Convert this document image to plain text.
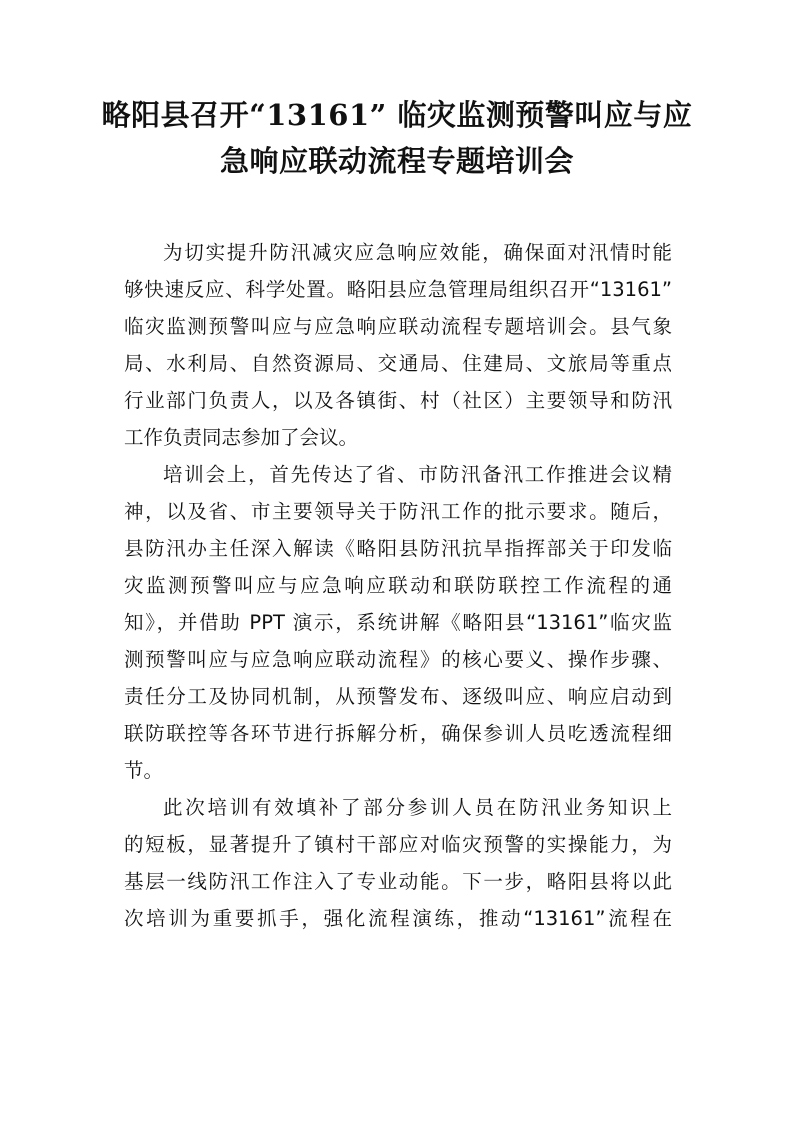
略阳县召开“13161” 临灾监测预警叫应与应
急响应联动流程专题培训会

为切实提升防汛减灾应急响应效能，确保面对汛情时能
够快速反应、科学处置。略阳县应急管理局组织召开“13161”
临灾监测预警叫应与应急响应联动流程专题培训会。县气象
局、水利局、自然资源局、交通局、住建局、文旅局等重点
行业部门负责人，以及各镇街、村（社区）主要领导和防汛
工作负责同志参加了会议。

培训会上，首先传达了省、市防汛备汛工作推进会议精
神，以及省、市主要领导关于防汛工作的批示要求。随后，
县防汛办主任深入解读《略阳县防汛抗旱指挥部关于印发临
灾监测预警叫应与应急响应联动和联防联控工作流程的通
知》，并借助 PPT 演示，系统讲解《略阳县“13161”临灾监
测预警叫应与应急响应联动流程》的核心要义、操作步骤、
责任分工及协同机制，从预警发布、逐级叫应、响应启动到
联防联控等各环节进行拆解分析，确保参训人员吃透流程细
节。

此次培训有效填补了部分参训人员在防汛业务知识上
的短板，显著提升了镇村干部应对临灾预警的实操能力，为
基层一线防汛工作注入了专业动能。下一步，略阳县将以此
次培训为重要抓手，强化流程演练，推动“13161”流程在
